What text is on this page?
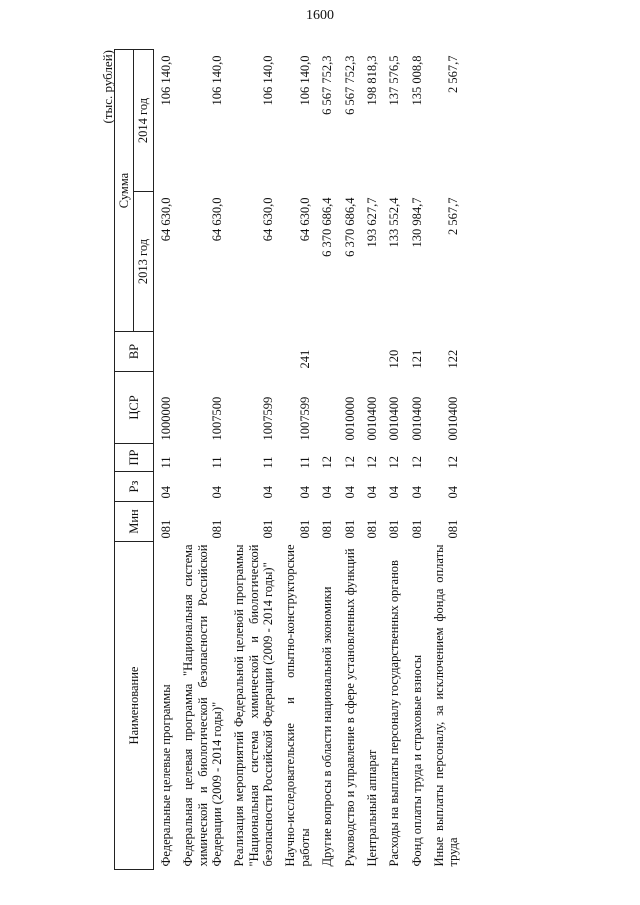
1600
(тыс. рублей)
Наименование	Мин	Рз	ПР	ЦСР	ВР	Сумма	
						2013 год	2014 год
Федеральные целевые программы	081	04	11	1000000		64 630,0	106 140,0
Федеральная целевая программа "Национальная система химической и биологической безопасности Российской Федерации (2009 - 2014 годы)"	081	04	11	1007500		64 630,0	106 140,0
Реализация мероприятий Федеральной целевой программы "Национальная система химической и биологической безопасности Российской Федерации (2009 - 2014 годы)"	081	04	11	1007599		64 630,0	106 140,0
Научно-исследовательские и опытно-конструкторские работы	081	04	11	1007599	241	64 630,0	106 140,0
Другие вопросы в области национальной экономики	081	04	12			6 370 686,4	6 567 752,3
Руководство и управление в сфере установленных функций	081	04	12	0010000		6 370 686,4	6 567 752,3
Центральный аппарат	081	04	12	0010400		193 627,7	198 818,3
Расходы на выплаты персоналу государственных органов	081	04	12	0010400	120	133 552,4	137 576,5
Фонд оплаты труда и страховые взносы	081	04	12	0010400	121	130 984,7	135 008,8
Иные выплаты персоналу, за исключением фонда оплаты труда	081	04	12	0010400	122	2 567,7	2 567,7
